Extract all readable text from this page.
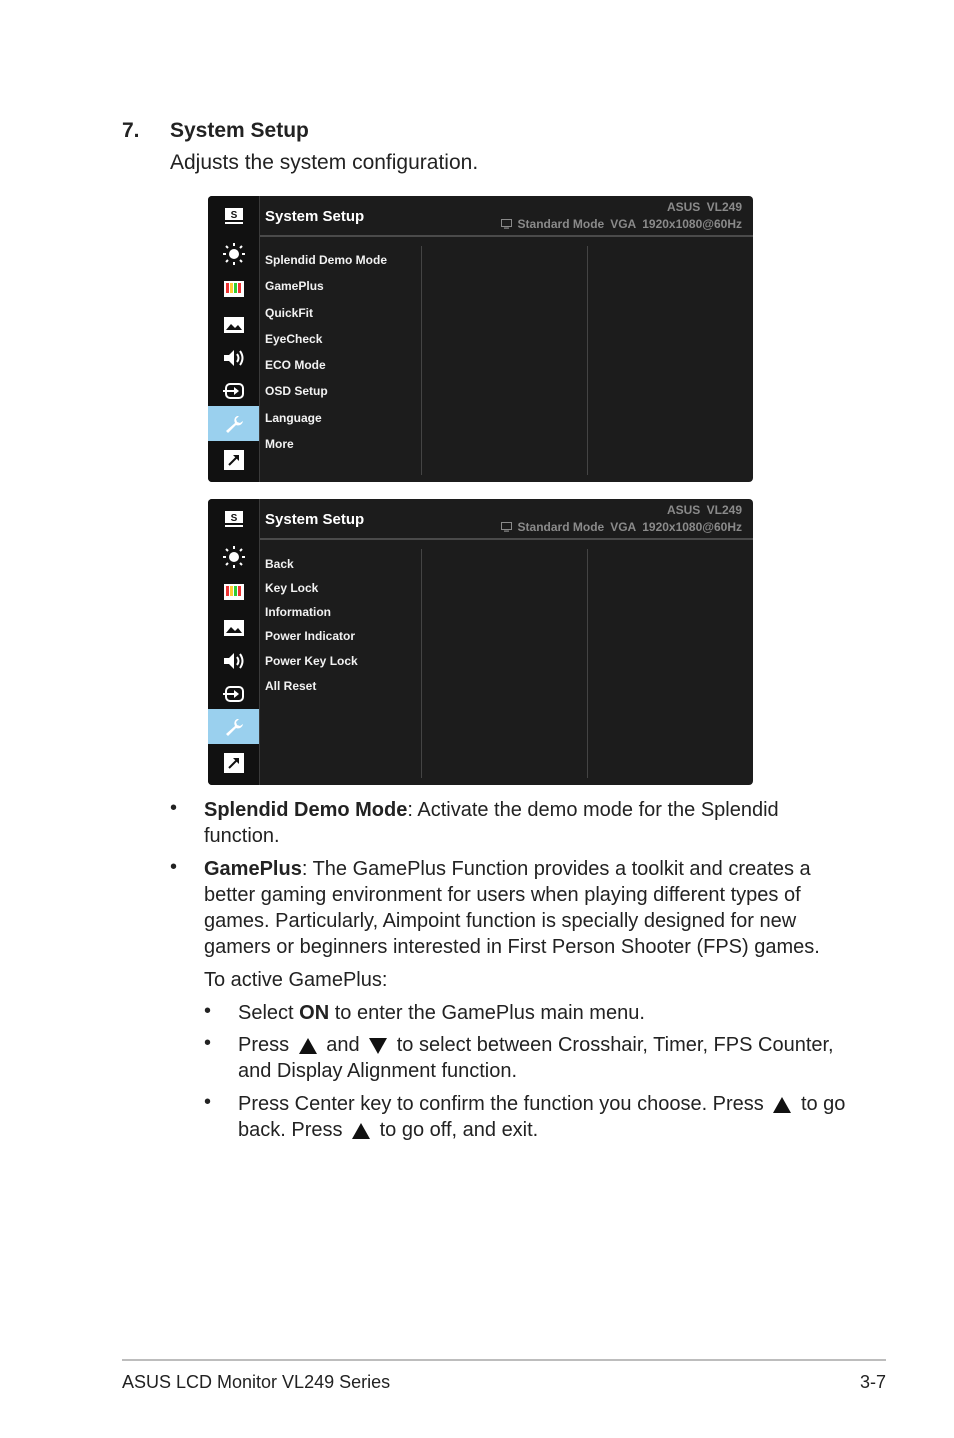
7. System Setup
Adjusts the system configuration.
S System Setup
ASUS VL249
Standard Mode VGA 1920x1080@60Hz
Splendid Demo Mode
GamePlus
QuickFit
EyeCheck
ECO Mode
OSD Setup
Language
More
S System Setup
ASUS VL249
Standard Mode VGA 1920x1080@60Hz
Back
Key Lock
Information
Power Indicator
Power Key Lock
All Reset
• Splendid Demo Mode: Activate the demo mode for the Splendid
function.
• GamePlus: The GamePlus Function provides a toolkit and creates a
better gaming environment for users when playing different types of
games. Particularly, Aimpoint function is specially designed for new
gamers or beginners interested in First Person Shooter (FPS) games.
To active GamePlus:
• Select ON to enter the GamePlus main menu.
• Press and to select between Crosshair, Timer, FPS Counter,
and Display Alignment function.
• Press Center key to confirm the function you choose. Press to go
back. Press to go off, and exit.
ASUS LCD Monitor VL249 Series	3-7
